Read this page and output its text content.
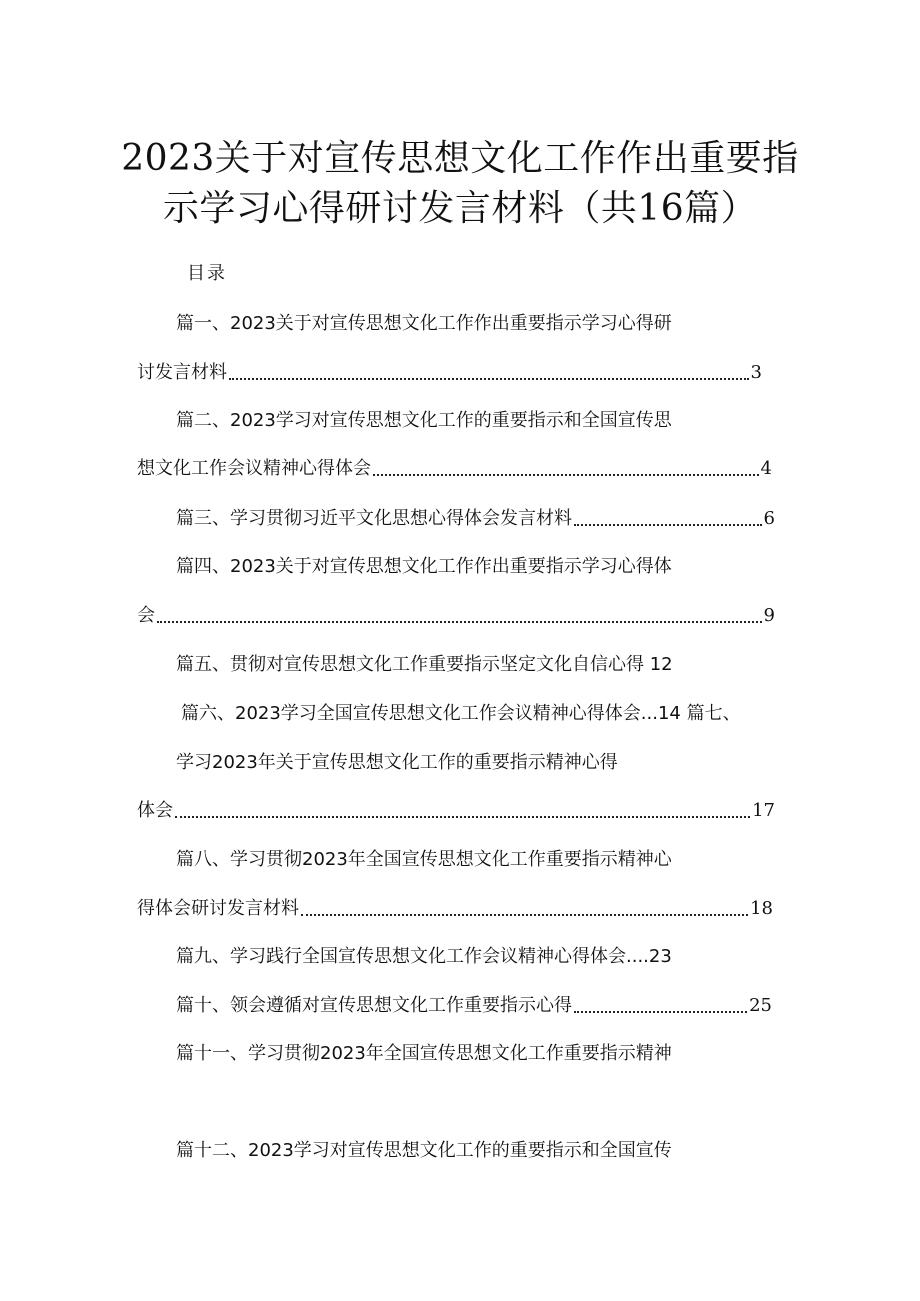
2023关于对宣传思想文化工作作出重要指
示学习心得研讨发言材料（共16篇）
目录
篇一、2023关于对宣传思想文化工作作出重要指示学习心得研
讨发言材料	3
篇二、2023学习对宣传思想文化工作的重要指示和全国宣传思
想文化工作会议精神心得体会	4
篇三、学习贯彻习近平文化思想心得体会发言材料	6
篇四、2023关于对宣传思想文化工作作出重要指示学习心得体
会	9
篇五、贯彻对宣传思想文化工作重要指示坚定文化自信心得 12
篇六、2023学习全国宣传思想文化工作会议精神心得体会...14 篇七、
学习2023年关于宣传思想文化工作的重要指示精神心得
体会	17
篇八、学习贯彻2023年全国宣传思想文化工作重要指示精神心
得体会研讨发言材料	18
篇九、学习践行全国宣传思想文化工作会议精神心得体会....23
篇十、领会遵循对宣传思想文化工作重要指示心得	25
篇十一、学习贯彻2023年全国宣传思想文化工作重要指示精神
篇十二、2023学习对宣传思想文化工作的重要指示和全国宣传
